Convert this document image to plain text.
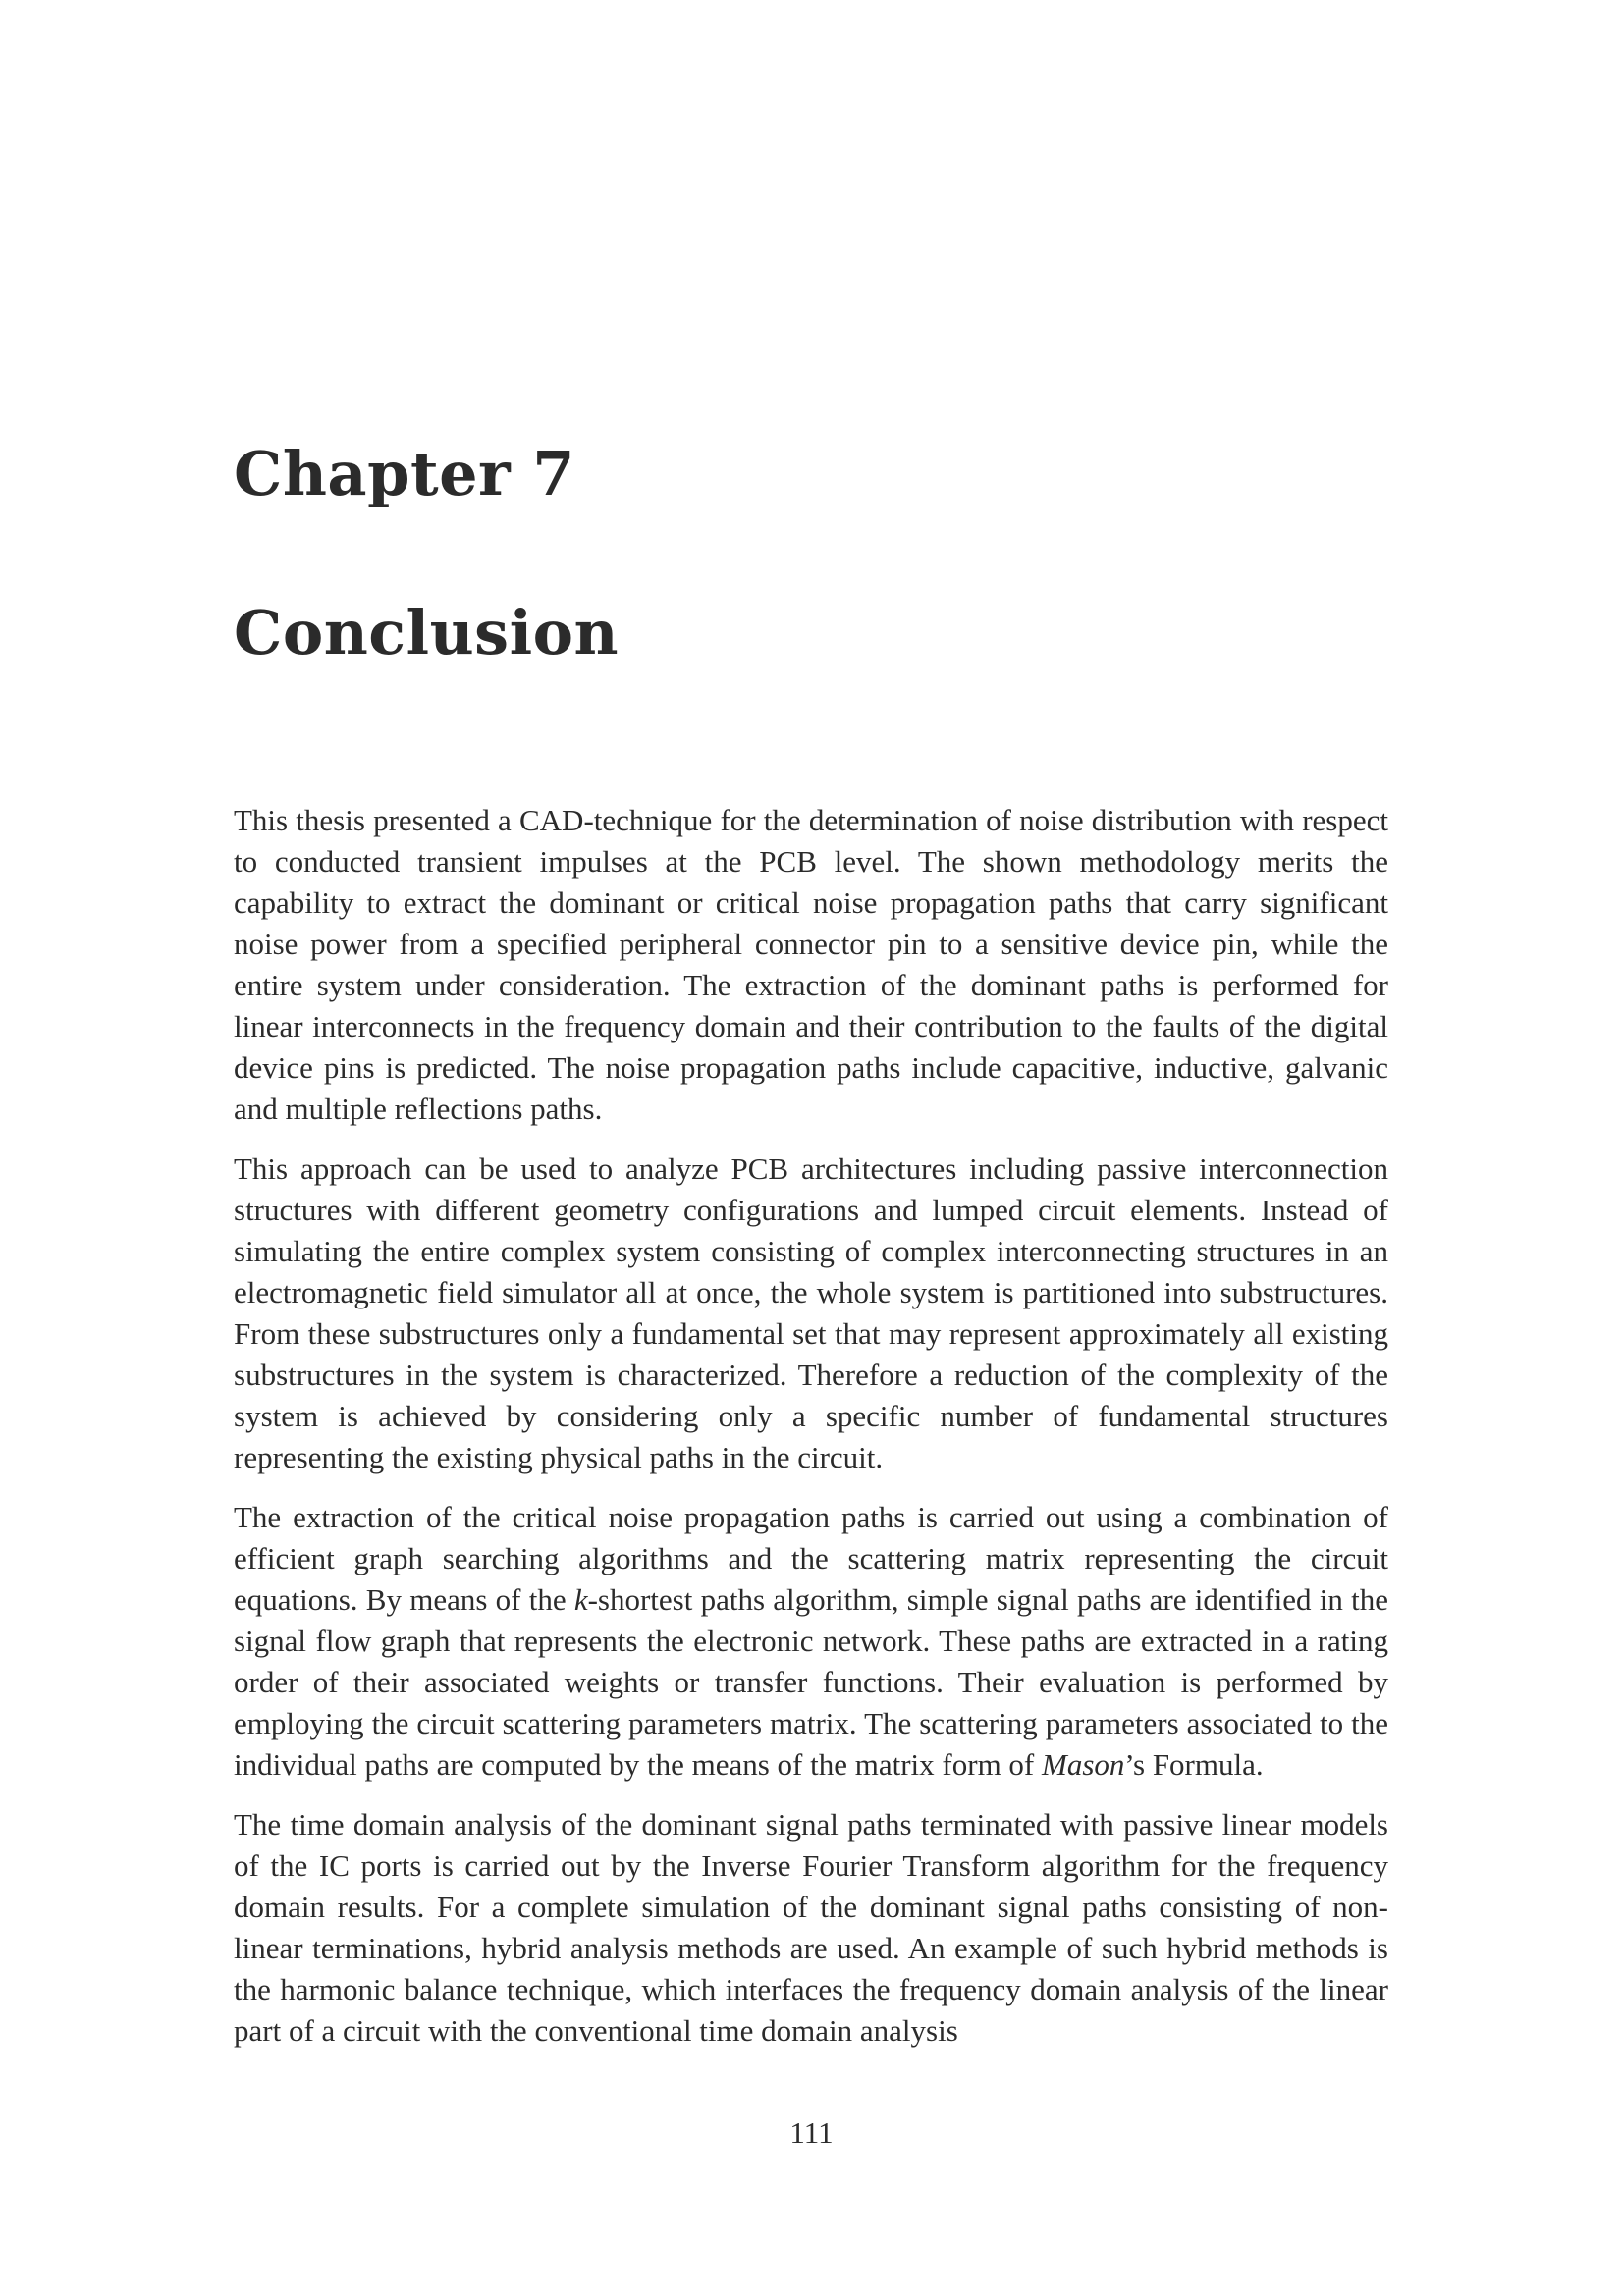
Chapter 7
Conclusion

This thesis presented a CAD-technique for the determination of noise distribution with respect to conducted transient impulses at the PCB level. The shown methodology merits the capability to extract the dominant or critical noise propagation paths that carry significant noise power from a specified peripheral connector pin to a sensitive device pin, while the entire system under consideration. The extraction of the dominant paths is performed for linear interconnects in the frequency domain and their contribution to the faults of the digital device pins is predicted. The noise propagation paths include capacitive, inductive, galvanic and multiple reflections paths.

This approach can be used to analyze PCB architectures including passive interconnection structures with different geometry configurations and lumped circuit elements. Instead of simulating the entire complex system consisting of complex interconnecting structures in an electromagnetic field simulator all at once, the whole system is partitioned into substructures. From these substructures only a fundamental set that may represent approximately all existing substructures in the system is characterized. Therefore a reduction of the complexity of the system is achieved by considering only a specific number of fundamental structures representing the existing physical paths in the circuit.

The extraction of the critical noise propagation paths is carried out using a combination of efficient graph searching algorithms and the scattering matrix representing the circuit equations. By means of the k-shortest paths algorithm, simple signal paths are identified in the signal flow graph that represents the electronic network. These paths are extracted in a rating order of their associated weights or transfer functions. Their evaluation is performed by employing the circuit scattering parameters matrix. The scattering parameters associated to the individual paths are computed by the means of the matrix form of Mason’s Formula.

The time domain analysis of the dominant signal paths terminated with passive linear models of the IC ports is carried out by the Inverse Fourier Transform algorithm for the frequency domain results. For a complete simulation of the dominant signal paths consisting of non-linear terminations, hybrid analysis methods are used. An example of such hybrid methods is the harmonic balance technique, which interfaces the frequency domain analysis of the linear part of a circuit with the conventional time domain analysis

111
